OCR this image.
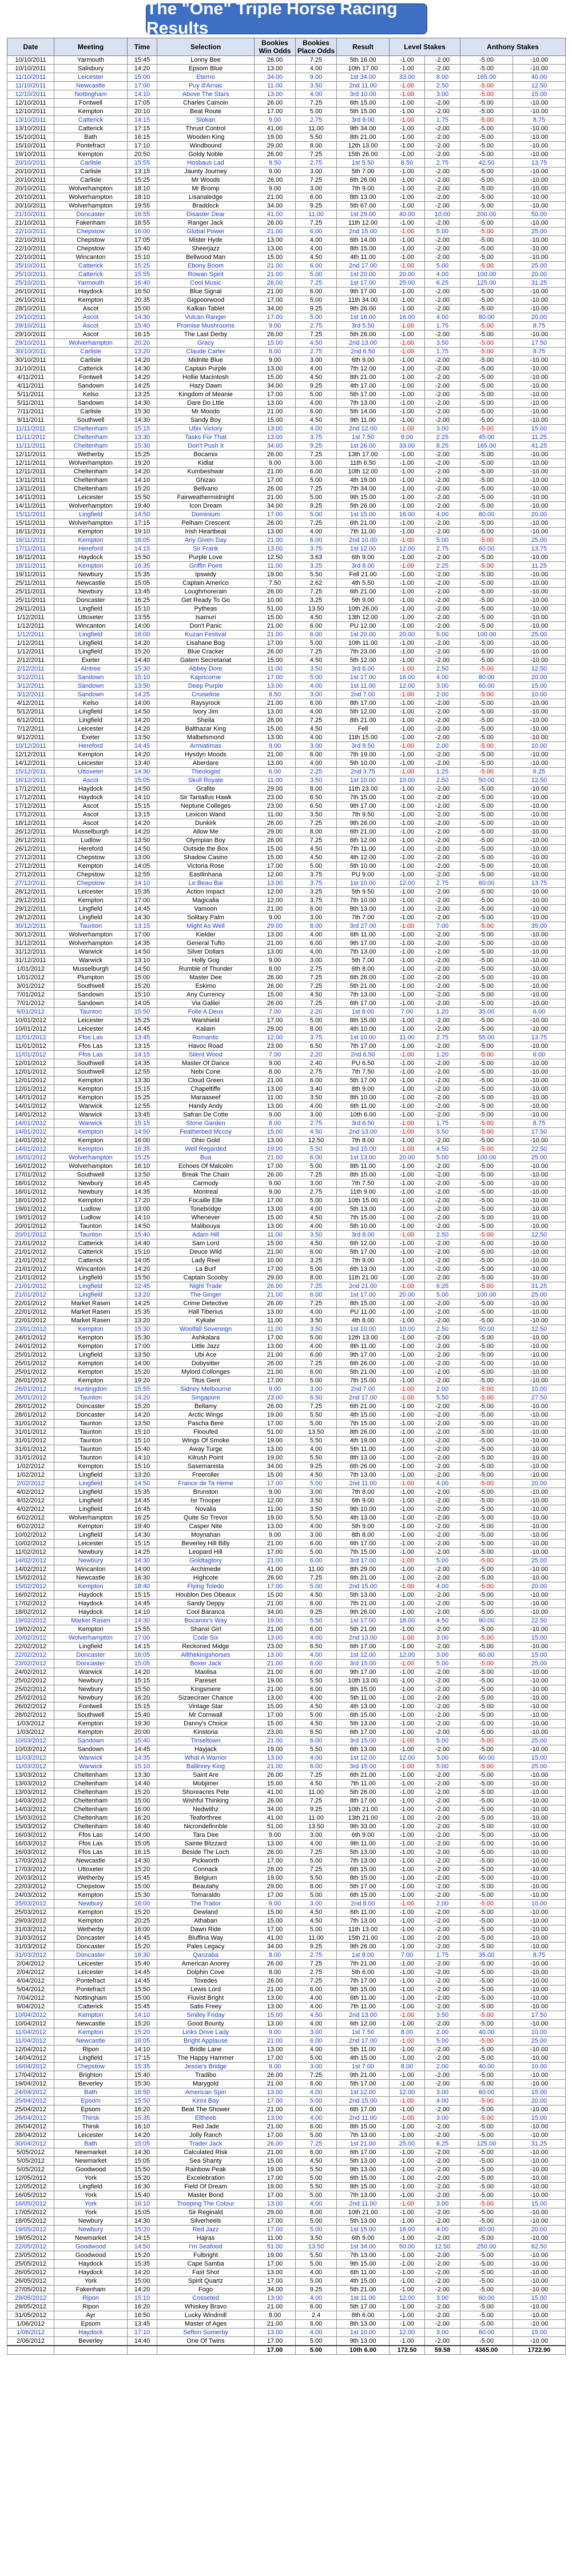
The "One" Triple Horse Racing Results
Date	Meeting	Time	Selection	Bookies Win Odds	Bookies Place Odds	Result	Level Stakes		Anthony Stakes	
10/10/2011	Yarmouth	15:45	Lonny Bee	26.00	7.25	5th 16.00	-1.00	-2.00	-5.00	-10.00
10/10/2011	Salisbury	14:20	Epsom Blue	13.00	4.00	10th 17.00	-1.00	-2.00	-5.00	-10.00
11/10/2011	Leicester	15:00	Eterno	34.00	9.00	1st 34.00	33.00	8.00	165.00	40.00
11/10/2011	Newcastle	17:00	Puy d'Arnac	11.00	3.50	2nd 11.00	-1.00	2.50	-5.00	12.50
12/10/2011	Nottingham	14:10	Above The Stars	13.00	4.00	3rd 10.00	-1.00	3.00	-5.00	15.00
12/10/2011	Fontwell	17:05	Charles Camoin	26.00	7.25	6th 15.00	-1.00	-2.00	-5.00	-10.00
12/10/2011	Kempton	20:10	Beat Route	17.00	5.00	5th 15.00	-1.00	-2.00	-5.00	-10.00
13/10/2011	Catterick	14:15	Slokan	9.00	2.75	3rd 9.00	-1.00	1.75	-5.00	8.75
13/10/2011	Catterick	17:15	Thrust Control	41.00	11.00	9th 34.00	-1.00	-2.00	-5.00	-10.00
15/10/2011	Bath	16:15	Wooden King	19.00	5.50	8th 21.00	-1.00	-2.00	-5.00	-10.00
15/10/2011	Pontefract	17:10	Windbound	29.00	8.00	12th 13.00	-1.00	-2.00	-5.00	-10.00
19/10/2011	Kempton	20:50	Goldy Noble	26.00	7.25	15th 26.00	-1.00	-2.00	-5.00	-10.00
20/10/2011	Carlisle	15:55	Hosbaus Lad	9.50	2.75	1st 5.50	8.50	2.75	42.50	13.75
20/10/2011	Carlisle	13:15	Jaunty Journey	9.00	3.00	5th 7.00	-1.00	-2.00	-5.00	-10.00
20/10/2011	Carlisle	15:25	Mr Woods	26.00	7.25	6th 26.00	-1.00	-2.00	-5.00	-10.00
20/10/2011	Wolverhampton	18:10	Mr Bromp	9.00	3.00	7th 9.00	-1.00	-2.00	-5.00	-10.00
20/10/2011	Wolverhampton	18:10	Lisanaledge	21.00	6.00	8th 13.00	-1.00	-2.00	-5.00	-10.00
20/10/2011	Wolverhampton	19:55	Braddock	34.00	9.25	5th 67.00	-1.00	-2.00	-5.00	-10.00
21/10/2011	Doncaster	16:55	Disaster Dear	41.00	11.00	1st 29.00	40.00	10.00	200.00	50.00
21/10/2011	Fakenham	16:55	Ranger Jack	26.00	7.25	11th 12.00	-1.00	-2.00	-5.00	-10.00
22/10/2011	Chepstow	16:00	Global Power	21.00	6.00	2nd 15.00	-1.00	5.00	-5.00	25.00
22/10/2011	Chepstow	17:05	Mister Hyde	13.00	4.00	6th 14.00	-1.00	-2.00	-5.00	-10.00
22/10/2011	Chepstow	15:40	Sheerjazz	13.00	4.00	8th 15.00	-1.00	-2.00	-5.00	-10.00
22/10/2011	Wincanton	15:10	Bellwood Man	15.00	4.50	4th 11.00	-1.00	-2.00	-5.00	-10.00
25/10/2011	Catterick	15:25	Ebony Boom	21.00	6.00	2nd 17.00	-1.00	5.00	-5.00	25.00
25/10/2011	Catterick	15:55	Rowan Spirit	21.00	5.00	1st 20.00	20.00	4.00	100.00	20.00
25/10/2011	Yarmouth	16:40	Cool Music	26.00	7.25	1st 17.00	25.00	6.25	125.00	31.25
26/10/2011	Haydock	16:50	Blue Signal	21.00	6.00	9th 17.00	-1.00	-2.00	-5.00	-10.00
26/10/2011	Kempton	20:35	Gigpoorwood	17.00	5.00	11th 34.00	-1.00	-2.00	-5.00	-10.00
28/10/2011	Ascot	15:00	Kalkan Tablet	34.00	9.25	9th 26.00	-1.00	-2.00	-5.00	-10.00
29/10/2011	Ascot	14:30	Vulcan Ranger	17.00	5.00	1st 16.00	16.00	4.00	80.00	20.00
29/10/2011	Ascot	15:40	Promise Mushrooms	9.00	2.75	3rd 5.50	-1.00	1.75	-5.00	8.75
29/10/2011	Ascot	16:15	The Last Derby	26.00	7.25	5th 26.00	-1.00	-2.00	-5.00	-10.00
29/10/2011	Wolverhampton	20:20	Gracy	15.00	4.50	2nd 13.00	-1.00	3.50	-5.00	17.50
30/10/2011	Carlisle	13:20	Claude Carter	8.00	2.75	2nd 6.50	-1.00	1.75	-5.00	8.75
30/10/2011	Carlisle	14:20	Midnite Blue	9.00	3.00	6th 9.00	-1.00	-2.00	-5.00	-10.00
31/10/2011	Catterick	14:30	Captain Purple	13.00	4.00	7th 12.00	-1.00	-2.00	-5.00	-10.00
4/11/2011	Fontwell	14:20	Hollie Macintosh	15.00	4.50	8th 21.00	-1.00	-2.00	-5.00	-10.00
4/11/2011	Sandown	14:25	Hazy Dawn	34.00	9.25	4th 17.00	-1.00	-2.00	-5.00	-10.00
5/11/2011	Kelso	13:25	Kingdom of Meanie	17.00	5.00	5th 17.00	-1.00	-2.00	-5.00	-10.00
5/11/2011	Sandown	14:30	Dare Do Lttle	13.00	4.00	7th 13.00	-1.00	-2.00	-5.00	-10.00
7/11/2011	Carlisle	15:30	Mr Moodo	21.00	6.00	5th 14.00	-1.00	-2.00	-5.00	-10.00
9/11/2011	Southwell	14:30	Sandy Boy	15.00	4.50	9th 11.00	-1.00	-2.00	-5.00	-10.00
11/11/2011	Cheltenham	15:15	Ubix Victory	13.00	4.00	2nd 12.00	-1.00	3.00	-5.00	15.00
11/11/2011	Cheltenham	13:30	Tasks For That	13.00	3.75	1st 7.50	9.00	2.25	45.00	11.25
11/11/2011	Cheltenham	15:30	Don't Push It	34.00	9.25	1st 26.00	33.00	8.25	165.00	41.25
12/11/2011	Wetherby	15:25	Bocamix	26.00	7.25	13th 17.00	-1.00	-2.00	-5.00	-10.00
12/11/2011	Wolverhampton	19:20	Kidlat	9.00	3.00	11th 6.50	-1.00	-2.00	-5.00	-10.00
12/11/2011	Cheltenham	14:20	Kumbeshwar	21.00	6.00	10th 12.00	-1.00	-2.00	-5.00	-10.00
13/11/2011	Cheltenham	14:10	Ghizao	17.00	5.00	4th 19.00	-1.00	-2.00	-5.00	-10.00
13/11/2011	Cheltenham	15:20	Bellvano	26.00	7.25	7th 34.00	-1.00	-2.00	-5.00	-10.00
14/11/2011	Leicester	15:50	Fairweathermidnight	21.00	5.00	9th 15.00	-1.00	-2.00	-5.00	-10.00
14/11/2011	Wolverhampton	19:40	Icon Dream	34.00	9.25	5th 26.00	-1.00	-2.00	-5.00	-10.00
15/11/2011	Lingfield	14:50	Dominium	17.00	5.00	1st 15.00	16.00	4.00	80.00	20.00
15/11/2011	Wolverhampton	17:15	Pelham Crescent	26.00	7.25	6th 21.00	-1.00	-2.00	-5.00	-10.00
16/11/2011	Kempton	19:10	Irish Heartbeat	13.00	4.00	7th 11.00	-1.00	-2.00	-5.00	-10.00
16/11/2011	Kempton	16:05	Any Given Day	21.00	6.00	2nd 10.00	-1.00	5.00	-5.00	25.00
17/11/2011	Hereford	14:15	Sir Frank	13.00	3.75	1st 12.00	12.00	2.75	60.00	13.75
18/11/2011	Haydock	15:50	Purple Love	12.50	3.63	6th 9.00	-1.00	-2.00	-5.00	-10.00
18/11/2011	Kempton	16:35	Griffin Point	11.00	3.25	3rd 8.00	-1.00	2.25	-5.00	11.25
19/11/2011	Newbury	15:35	Ipswidy	19.00	5.50	Fell 21.00	-1.00	-2.00	-5.00	-10.00
25/11/2011	Newcastle	15:05	Captain Americo	7.50	2.62	4th 5.50	-1.00	-2.00	-5.00	-10.00
25/11/2011	Newbury	13:45	Loughmorerain	26.00	7.25	6th 21.00	-1.00	-2.00	-5.00	-10.00
25/11/2011	Doncaster	16:25	Get Ready To Go	10.00	3.25	5th 9.00	-1.00	-2.00	-5.00	-10.00
29/11/2011	Lingfield	15:10	Pytheas	51.00	13.50	10th 26.00	-1.00	-2.00	-5.00	-10.00
1/12/2011	Uttoxeter	13:55	Isamuri	15.00	4.50	13th 12.00	-1.00	-2.00	-5.00	-10.00
1/12/2011	Wincanton	14:00	Don't Panic	21.00	6.00	PU 12.00	-1.00	-2.00	-5.00	-10.00
1/12/2011	Lingfield	16:00	Kuzan Festival	21.00	6.00	1st 20.00	20.00	5.00	100.00	25.00
1/12/2011	Lingfield	14:20	Lisahane Bog	17.00	5.00	10th 11.00	-1.00	-2.00	-5.00	-10.00
1/12/2011	Lingfield	15:20	Blue Cracker	26.00	7.25	7th 23.00	-1.00	-2.00	-5.00	-10.00
2/12/2011	Exeter	14:40	Gatem Secretariat	15.00	4.50	5th 12.00	-1.00	-2.00	-5.00	-10.00
2/12/2011	Aintree	15:30	Abbey Dore	11.00	3.50	3rd 6.00	-1.00	2.50	-5.00	12.50
3/12/2011	Sandown	15:10	Kapricorne	17.00	5.00	1st 17.00	16.00	4.00	80.00	20.00
3/12/2011	Sandown	13:50	Deep Purple	13.00	4.00	1st 11.00	12.00	3.00	60.00	15.00
3/12/2011	Sandown	14:25	Cruiseline	9.50	3.00	2nd 7.00	-1.00	2.00	-5.00	10.00
4/12/2011	Kelso	14:00	Raysyrock	21.00	6.00	8th 17.00	-1.00	-2.00	-5.00	-10.00
5/12/2011	Lingfield	14:50	Ivory Jim	13.00	4.00	5th 12.00	-1.00	-2.00	-5.00	-10.00
6/12/2011	Lingfield	14:20	Sheila	26.00	7.25	8th 21.00	-1.00	-2.00	-5.00	-10.00
7/12/2011	Leicester	14:20	Balthazar King	15.00	4.50	Fell	-1.00	-2.00	-5.00	-10.00
9/12/2011	Exeter	13:50	Malbelsmond	13.00	4.00	11th 15.00	-1.00	-2.00	-5.00	-10.00
10/12/2011	Hereford	14:45	Armiatimas	9.00	3.00	3rd 9.50	-1.00	2.00	-5.00	10.00
12/12/2011	Kempton	14:20	Hysdyn Moods	21.00	6.00	7th 19.00	-1.00	-2.00	-5.00	-10.00
14/12/2011	Leicester	13:40	Aberdare	13.00	4.00	5th 10.00	-1.00	-2.00	-5.00	-10.00
15/12/2011	Uttoxeter	14:30	Theologist	6.00	2.25	2nd 3.75	-1.00	1.25	-5.00	6.25
16/12/2011	Ascot	15:05	Skull Royale	11.00	3.50	1st 10.00	10.00	2.50	50.00	12.50
17/12/2011	Haydock	14:50	Grafite	29.00	8.00	11th 23.00	-1.00	-2.00	-5.00	-10.00
17/12/2011	Haydock	14:10	Sir Tantallus Hawk	23.00	6.50	7th 15.00	-1.00	-2.00	-5.00	-10.00
17/12/2011	Ascot	15:15	Neptune Colleges	23.00	6.50	9th 17.00	-1.00	-2.00	-5.00	-10.00
17/12/2011	Ascot	13:15	Lexicon Wand	11.00	3.50	7th 9.50	-1.00	-2.00	-5.00	-10.00
18/12/2011	Ascot	14:20	Dunkirk	26.00	7.25	9th 26.00	-1.00	-2.00	-5.00	-10.00
26/12/2011	Musselburgh	14:20	Allow Me	29.00	8.00	6th 21.00	-1.00	-2.00	-5.00	-10.00
26/12/2011	Ludlow	13:50	Olympian Boy	26.00	7.25	6th 12.00	-1.00	-2.00	-5.00	-10.00
26/12/2011	Hereford	14:50	Outside the Box	15.00	4.50	7th 11.00	-1.00	-2.00	-5.00	-10.00
27/12/2011	Chepstow	13:00	Shadow Casino	15.00	4.50	4th 12.00	-1.00	-2.00	-5.00	-10.00
27/12/2011	Kempton	14:05	Victoria Rose	17.00	5.00	5th 10.00	-1.00	-2.00	-5.00	-10.00
27/12/2011	Chepstow	12:55	Eastlinhana	12.00	3.75	PU 9.00	-1.00	-2.00	-5.00	-10.00
27/12/2011	Chepstow	14:10	Le Beau Bai	13.00	3.75	1st 10.00	12.00	2.75	60.00	13.75
28/12/2011	Leicester	15:35	Action Impact	12.00	3.25	5th 9.50	-1.00	-2.00	-5.00	-10.00
29/12/2011	Kempton	17:00	Magicalia	12.00	3.75	7th 10.00	-1.00	-2.00	-5.00	-10.00
29/12/2011	Lingfield	14:45	Vamoon	21.00	6.00	8th 13.00	-1.00	-2.00	-5.00	-10.00
29/12/2011	Lingfield	14:30	Solitary Palm	9.00	3.00	7th 7.00	-1.00	-2.00	-5.00	-10.00
30/12/2011	Taunton	13:15	Might As Well	29.00	8.00	3rd 27.00	-1.00	7.00	-5.00	35.00
30/12/2011	Wolverhampton	17:00	Kielder	13.00	4.00	6th 11.00	-1.00	-2.00	-5.00	-10.00
31/12/2011	Wolverhampton	14:35	General Tufto	21.00	6.00	9th 17.00	-1.00	-2.00	-5.00	-10.00
31/12/2011	Warwick	14:50	Silver Dollars	13.00	4.00	7th 13.00	-1.00	-2.00	-5.00	-10.00
31/12/2011	Warwick	13:10	Holly Gog	9.00	3.00	5th 7.00	-1.00	-2.00	-5.00	-10.00
1/01/2012	Musselburgh	14:50	Rumble of Thunder	8.00	2.75	6th 8.00	-1.00	-2.00	-5.00	-10.00
1/01/2012	Plumpton	15:00	Master Dee	26.00	7.25	6th 26.00	-1.00	-2.00	-5.00	-10.00
3/01/2012	Southwell	15:20	Eskimo	26.00	7.25	5th 21.00	-1.00	-2.00	-5.00	-10.00
7/01/2012	Sandown	15:10	Any Currency	15.00	4.50	7th 13.00	-1.00	-2.00	-5.00	-10.00
7/01/2012	Sandown	14:05	Via Galilei	26.00	7.25	6th 17.00	-1.00	-2.00	-5.00	-10.00
9/01/2012	Taunton	15:50	Folie A Deux	7.00	2.20	1st 8.00	7.00	1.20	35.00	6.00
10/01/2012	Leicester	15:25	Warshield	17.00	5.00	8th 15.00	-1.00	-2.00	-5.00	-10.00
10/01/2012	Leicester	14:45	Kaliam	29.00	8.00	4th 10.00	-1.00	-2.00	-5.00	-10.00
11/01/2012	Ffos Las	13:45	Romantic	12.00	3.75	1st 10.00	11.00	2.75	55.00	13.75
11/01/2012	Ffos Las	13:15	Havoc Road	23.00	6.50	7th 17.00	-1.00	-2.00	-5.00	-10.00
11/01/2012	Ffos Las	14:15	Silent Wood	7.00	2.20	2nd 6.50	-1.00	1.20	-5.00	6.00
12/01/2012	Southwell	14:35	Master Of Dance	9.00	2.40	PU 6.50	-1.00	-2.00	-5.00	-10.00
12/01/2012	Southwell	12:55	Nebi Cone	8.00	2.75	7th 7.50	-1.00	-2.00	-5.00	-10.00
12/01/2012	Kempton	13:30	Cloud Green	21.00	6.00	5th 17.00	-1.00	-2.00	-5.00	-10.00
12/01/2012	Kempton	15:15	Chapeltiffe	13.00	3.40	8th 9.00	-1.00	-2.00	-5.00	-10.00
14/01/2012	Kempton	15:25	Maraaseef	11.00	3.50	8th 10.00	-1.00	-2.00	-5.00	-10.00
14/01/2012	Warwick	12:55	Handy Andy	13.00	4.00	6th 11.00	-1.00	-2.00	-5.00	-10.00
14/01/2012	Warwick	13:45	Safran De Cotte	9.00	3.00	10th 6.00	-1.00	-2.00	-5.00	-10.00
14/01/2012	Warwick	15:15	Stone Garden	8.00	2.75	3rd 6.50	-1.00	1.75	-5.00	8.75
14/01/2012	Kempton	14:50	Featherbed Mccoy	15.00	4.50	2nd 13.00	-1.00	3.50	-5.00	17.50
14/01/2012	Kempton	16:00	Ohio Gold	13.00	12.50	7th 8.00	-1.00	-2.00	-5.00	-10.00
14/01/2012	Kempton	16:35	Well Regarded	19.00	5.50	3rd 15.00	-1.00	4.50	-5.00	22.50
16/01/2012	Wolverhampton	15:25	Bua	21.00	6.00	1st 13.00	20.00	5.00	100.00	25.00
16/01/2012	Wolverhampton	16:10	Echoes Of Malcolm	17.00	5.00	8th 11.00	-1.00	-2.00	-5.00	-10.00
17/01/2012	Southwell	13:50	Break The Chain	26.00	7.25	8th 15.00	-1.00	-2.00	-5.00	-10.00
18/01/2012	Newbury	16:45	Carmody	9.00	3.00	7th 7.50	-1.00	-2.00	-5.00	-10.00
18/01/2012	Newbury	14:35	Montreal	9.00	2.75	11th 9.00	-1.00	-2.00	-5.00	-10.00
18/01/2012	Kempton	17:20	Focaille Elle	17.00	5.00	10th 15.00	-1.00	-2.00	-5.00	-10.00
19/01/2012	Ludlow	13:00	Tonebridge	13.00	4.00	5th 13.00	-1.00	-2.00	-5.00	-10.00
19/01/2012	Ludlow	14:10	Whenever	15.00	4.50	7th 15.00	-1.00	-2.00	-5.00	-10.00
20/01/2012	Taunton	14:50	Malibouya	13.00	4.00	5th 10.00	-1.00	-2.00	-5.00	-10.00
20/01/2012	Taunton	15:40	Adam Hill	11.00	3.50	3rd 8.00	-1.00	2.50	-5.00	12.50
21/01/2012	Catterick	14:40	Sam Lord	15.00	4.50	6th 12.00	-1.00	-2.00	-5.00	-10.00
21/01/2012	Catterick	15:10	Deuce Wild	21.00	6.00	5th 17.00	-1.00	-2.00	-5.00	-10.00
21/01/2012	Catterick	14:05	Lady Reel	10.00	3.25	7th 9.00	-1.00	-2.00	-5.00	-10.00
21/01/2012	Wincanton	14:20	La Burf	17.00	5.00	6th 13.00	-1.00	-2.00	-5.00	-10.00
21/01/2012	Lingfield	15:50	Captain Scooby	29.00	8.00	11th 21.00	-1.00	-2.00	-5.00	-10.00
21/01/2012	Lingfield	12:45	Night Trade	26.00	7.25	2nd 21.00	-1.00	6.25	-5.00	31.25
21/01/2012	Lingfield	13:20	The Ginger	21.00	6.00	1st 17.00	20.00	5.00	100.00	25.00
22/01/2012	Market Rasen	14:25	Crime Detective	26.00	7.25	8th 15.00	-1.00	-2.00	-5.00	-10.00
22/01/2012	Market Rasen	15:35	Hall Tiberius	13.00	4.00	PU 11.00	-1.00	-2.00	-5.00	-10.00
22/01/2012	Market Rasen	13:20	Kykate	11.00	3.50	4th 8.00	-1.00	-2.00	-5.00	-10.00
23/01/2012	Kempton	15:30	Woolfall Sovereign	11.00	3.50	1st 10.00	10.00	2.50	50.00	12.50
24/01/2012	Kempton	15:30	Ashkalara	17.00	5.00	12th 13.00	-1.00	-2.00	-5.00	-10.00
24/01/2012	Kempton	17:00	Little Jazz	13.00	4.00	8th 11.00	-1.00	-2.00	-5.00	-10.00
25/01/2012	Lingfield	13:50	Ubi Ace	21.00	6.00	9th 17.00	-1.00	-2.00	-5.00	-10.00
25/01/2012	Kempton	14:00	Dobysitter	26.00	7.25	6th 26.00	-1.00	-2.00	-5.00	-10.00
25/01/2012	Kempton	15:20	Mylord Collonges	21.00	6.00	5th 21.00	-1.00	-2.00	-5.00	-10.00
26/01/2012	Kempton	19:20	Titus Gent	17.00	5.00	7th 15.00	-1.00	-2.00	-5.00	-10.00
26/01/2012	Huntingdon	15:55	Sidney Melbourne	9.00	3.00	2nd 7.00	-1.00	2.00	-5.00	10.00
26/01/2012	Taunton	14:20	Singapore	23.00	6.50	2nd 17.00	-1.00	5.50	-5.00	27.50
28/01/2012	Doncaster	15:20	Bellamy	26.00	7.25	6th 21.00	-1.00	-2.00	-5.00	-10.00
28/01/2012	Doncaster	14:20	Arctic Wings	19.00	5.50	4th 15.00	-1.00	-2.00	-5.00	-10.00
31/01/2012	Taunton	13:50	Pascha Bere	17.00	5.00	7th 15.00	-1.00	-2.00	-5.00	-10.00
31/01/2012	Taunton	15:10	Flooufed	51.00	13.50	8th 26.00	-1.00	-2.00	-5.00	-10.00
31/01/2012	Taunton	15:10	Wings Of Smoke	19.00	5.50	4th 19.00	-1.00	-2.00	-5.00	-10.00
31/01/2012	Taunton	15:40	Away Turge	13.00	4.00	5th 11.00	-1.00	-2.00	-5.00	-10.00
31/01/2012	Taunton	14:10	Kilrush Point	19.00	5.50	8th 13.00	-1.00	-2.00	-5.00	-10.00
1/02/2012	Kempton	15:10	Sasemanista	34.00	9.25	6th 26.00	-1.00	-2.00	-5.00	-10.00
1/02/2012	Lingfield	13:20	Freeroller	15.00	4.50	7th 13.00	-1.00	-2.00	-5.00	-10.00
2/02/2012	Lingfield	14:50	France de Ta Heme	17.00	5.00	2nd 11.00	-1.00	4.00	-5.00	20.00
4/02/2012	Lingfield	15:35	Brunston	9.00	3.00	7th 8.00	-1.00	-2.00	-5.00	-10.00
4/02/2012	Lingfield	14:45	Isr Trooper	12.00	3.50	6th 9.00	-1.00	-2.00	-5.00	-10.00
4/02/2012	Lingfield	16:45	Novalia	11.00	3.50	9th 10.00	-1.00	-2.00	-5.00	-10.00
6/02/2012	Wolverhampton	16:25	Quite So Trevor	19.00	5.50	4th 13.00	-1.00	-2.00	-5.00	-10.00
6/02/2012	Kempton	19:40	Casper Nite	13.00	4.00	5th 9.00	-1.00	-2.00	-5.00	-10.00
10/02/2012	Lingfield	14:30	Moynahan	9.00	3.00	8th 8.00	-1.00	-2.00	-5.00	-10.00
10/02/2012	Leicester	15:15	Beverley Hill Billy	21.00	6.00	6th 17.00	-1.00	-2.00	-5.00	-10.00
11/02/2012	Newbury	14:25	Leopard Hill	17.00	5.00	7th 15.00	-1.00	-2.00	-5.00	-10.00
14/02/2012	Newbury	14:30	Goldtagtory	21.00	6.00	3rd 17.00	-1.00	5.00	-5.00	25.00
14/02/2012	Wincanton	14:00	Archimede	41.00	11.00	8th 29.00	-1.00	-2.00	-5.00	-10.00
15/02/2012	Newcastle	16:30	Highcote	26.00	7.25	6th 21.00	-1.00	-2.00	-5.00	-10.00
15/02/2012	Kempton	18:40	Flying Toledo	17.00	5.00	2nd 15.00	-1.00	4.00	-5.00	20.00
16/02/2012	Haydock	15:15	Houblon Des Obeaux	15.00	4.50	5th 13.00	-1.00	-2.00	-5.00	-10.00
17/02/2012	Haydock	14:45	Sandy Deppy	21.00	6.00	7th 21.00	-1.00	-2.00	-5.00	-10.00
18/02/2012	Haydock	14:10	Cool Baranca	34.00	9.25	9th 26.00	-1.00	-2.00	-5.00	-10.00
19/02/2012	Market Rasen	14:30	Bocamix's Way	19.00	5.50	1st 17.00	18.00	4.50	90.00	22.50
19/02/2012	Kempton	15:55	Shanxi Girl	21.00	6.00	5th 21.00	-1.00	-2.00	-5.00	-10.00
20/02/2012	Wolverhampton	17:00	Code Six	13.00	4.00	2nd 13.00	-1.00	3.00	-5.00	15.00
22/02/2012	Lingfield	14:15	Reckoned Midge	23.00	6.50	6th 17.00	-1.00	-2.00	-5.00	-10.00
22/02/2012	Doncaster	16:05	Allthekingshorses	13.00	4.00	1st 12.00	12.00	3.00	60.00	15.00
23/02/2012	Doncaster	15:05	Boxer Jack	21.00	6.00	3rd 15.00	-1.00	5.00	-5.00	25.00
24/02/2012	Warwick	14:20	Maolisa	21.00	6.00	9th 17.00	-1.00	-2.00	-5.00	-10.00
25/02/2012	Newbury	15:15	Pareset	19.00	5.50	10th 13.00	-1.00	-2.00	-5.00	-10.00
25/02/2012	Newbury	15:50	Kingsmere	21.00	6.00	8th 15.00	-1.00	-2.00	-5.00	-10.00
25/02/2012	Newbury	16:20	Sizaeciraer Chance	13.00	4.00	5th 11.00	-1.00	-2.00	-5.00	-10.00
26/02/2012	Fontwell	15:15	Vintage Star	15.00	4.50	4th 13.00	-1.00	-2.00	-5.00	-10.00
28/02/2012	Southwell	15:40	Mr Cornwall	17.00	5.00	6th 15.00	-1.00	-2.00	-5.00	-10.00
1/03/2012	Kempton	19:30	Danny's Choice	15.00	4.50	5th 13.00	-1.00	-2.00	-5.00	-10.00
1/03/2012	Kempton	20:00	Kinstoria	23.00	6.50	6th 17.00	-1.00	-2.00	-5.00	-10.00
10/03/2012	Sandown	15:40	Tinseltown	21.00	6.00	3rd 15.00	-1.00	5.00	-5.00	25.00
10/03/2012	Sandown	14:45	Hayjack	19.00	5.50	6th 13.00	-1.00	-2.00	-5.00	-10.00
11/03/2012	Warwick	14:35	What A Warrior	13.00	4.00	1st 12.00	12.00	3.00	60.00	15.00
11/03/2012	Warwick	15:10	Ballinrey King	21.00	6.00	3rd 15.00	-1.00	5.00	-5.00	25.00
13/03/2012	Cheltenham	13:30	Saint Are	26.00	7.25	6th 21.00	-1.00	-2.00	-5.00	-10.00
13/03/2012	Cheltenham	14:40	Mobjimer	15.00	4.50	7th 11.00	-1.00	-2.00	-5.00	-10.00
13/03/2012	Cheltenham	15:20	Shoreacres Pete	41.00	11.00	5th 26.00	-1.00	-2.00	-5.00	-10.00
14/03/2012	Cheltenham	15:00	Wishful Thinking	26.00	7.25	8th 17.00	-1.00	-2.00	-5.00	-10.00
14/03/2012	Cheltenham	16:00	Nedwithz	34.00	9.25	10th 21.00	-1.00	-2.00	-5.00	-10.00
15/03/2012	Cheltenham	16:20	Teaforthree	41.00	11.00	13th 21.00	-1.00	-2.00	-5.00	-10.00
15/03/2012	Cheltenham	16:40	Nicrondefinnble	51.00	13.50	9th 33.00	-1.00	-2.00	-5.00	-10.00
16/03/2012	Ffos Las	14:00	Tara Dee	9.00	3.00	6th 9.00	-1.00	-2.00	-5.00	-10.00
16/03/2012	Ffos Las	15:05	Sainte Blizzard	13.00	4.00	9th 11.00	-1.00	-2.00	-5.00	-10.00
16/03/2012	Ffos Las	16:15	Beside The Loch	26.00	7.25	5th 13.00	-1.00	-2.00	-5.00	-10.00
17/03/2012	Newcastle	14:30	Pickworth	17.00	5.00	7th 13.00	-1.00	-2.00	-5.00	-10.00
17/03/2012	Uttoxeter	15:20	Connack	26.00	7.25	6th 15.00	-1.00	-2.00	-5.00	-10.00
20/03/2012	Wetherby	15:45	Belgium	19.00	5.50	8th 15.00	-1.00	-2.00	-5.00	-10.00
22/03/2012	Chepstow	15:00	Beaulahy	29.00	8.00	5th 17.00	-1.00	-2.00	-5.00	-10.00
24/03/2012	Kempton	15:30	Tomaraldo	17.00	5.00	6th 15.00	-1.00	-2.00	-5.00	-10.00
25/03/2012	Newbury	16:00	The Traitor	9.00	3.00	2nd 8.00	-1.00	2.00	-5.00	10.00
25/03/2012	Kempton	15:20	Dewland	15.00	4.50	6th 11.00	-1.00	-2.00	-5.00	-10.00
29/03/2012	Kempton	20:25	Athaban	15.00	4.50	7th 13.00	-1.00	-2.00	-5.00	-10.00
31/03/2012	Wetherby	16:00	Dawn Ride	17.00	5.00	11th 13.00	-1.00	-2.00	-5.00	-10.00
31/03/2012	Doncaster	14:45	Bluffina Way	41.00	11.00	15th 21.00	-1.00	-2.00	-5.00	-10.00
31/03/2012	Doncaster	15:20	Pales Legacy	34.00	9.25	9th 26.00	-1.00	-2.00	-5.00	-10.00
31/03/2012	Doncaster	16:30	Qanzaba	8.00	2.75	1st 8.00	7.00	1.75	35.00	8.75
2/04/2012	Leicester	15:40	American Anorey	26.00	7.25	7th 21.00	-1.00	-2.00	-5.00	-10.00
2/04/2012	Leicester	14:45	Dolphin Cove	8.00	2.75	5th 6.00	-1.00	-2.00	-5.00	-10.00
4/04/2012	Pontefract	14:45	Toxedes	26.00	7.25	7th 17.00	-1.00	-2.00	-5.00	-10.00
5/04/2012	Pontefract	15:50	Lewis Lord	21.00	6.00	9th 15.00	-1.00	-2.00	-5.00	-10.00
7/04/2012	Nottingham	15:00	Fluvist Bright	13.00	4.00	6th 11.00	-1.00	-2.00	-5.00	-10.00
9/04/2012	Catterick	15:45	Satis Freey	13.00	4.00	7th 11.00	-1.00	-2.00	-5.00	-10.00
10/04/2012	Kempton	14:10	Smiley Friday	15.00	4.50	2nd 13.00	-1.00	3.50	-5.00	17.50
10/04/2012	Newcastle	15:20	Good Bounty	13.00	4.00	6th 12.00	-1.00	-2.00	-5.00	-10.00
11/04/2012	Kempton	15:20	Links Drive Lady	9.00	3.00	1st 7.50	8.00	2.00	40.00	10.00
11/04/2012	Newcastle	16:05	Bright Applause	21.00	6.00	2nd 17.00	-1.00	5.00	-5.00	25.00
12/04/2012	Ripon	14:10	Bridle Lane	13.00	4.00	5th 11.00	-1.00	-2.00	-5.00	-10.00
14/04/2012	Lingfield	17:15	The Happy Hammer	17.00	5.00	4th 15.00	-1.00	-2.00	-5.00	-10.00
16/04/2012	Chepstow	15:35	Jessie's Bridge	9.00	3.00	1st 7.00	8.00	2.00	40.00	10.00
17/04/2012	Brighton	15:40	Tradibo	26.00	7.25	9th 21.00	-1.00	-2.00	-5.00	-10.00
19/04/2012	Beverley	15:30	Marygold	21.00	6.00	5th 17.00	-1.00	-2.00	-5.00	-10.00
24/04/2012	Bath	16:50	American Spin	13.00	4.00	1st 12.00	12.00	3.00	60.00	15.00
25/04/2012	Epsom	15:50	Kinni Bay	17.00	5.00	2nd 15.00	-1.00	4.00	-5.00	20.00
25/04/2012	Epsom	16:20	Beat The Shower	21.00	6.00	6th 17.00	-1.00	-2.00	-5.00	-10.00
26/04/2012	Thirsk	15:35	Eltheeb	13.00	4.00	2nd 11.00	-1.00	3.00	-5.00	15.00
26/04/2012	Thirsk	16:10	Red Jade	21.00	6.00	8th 15.00	-1.00	-2.00	-5.00	-10.00
28/04/2012	Leicester	14:20	Jolly Ranch	17.00	5.00	7th 13.00	-1.00	-2.00	-5.00	-10.00
30/04/2012	Bath	15:05	Trader Jack	26.00	7.25	1st 21.00	25.00	6.25	125.00	31.25
5/05/2012	Newmarket	14:30	Calculated Risk	21.00	6.00	6th 17.00	-1.00	-2.00	-5.00	-10.00
5/05/2012	Newmarket	15:05	Sea Shanty	15.00	4.50	5th 13.00	-1.00	-2.00	-5.00	-10.00
5/05/2012	Goodwood	15:50	Rainbow Peak	19.00	5.50	9th 13.00	-1.00	-2.00	-5.00	-10.00
12/05/2012	York	15:20	Excelebration	17.00	5.00	6th 15.00	-1.00	-2.00	-5.00	-10.00
12/05/2012	Lingfield	16:30	Field Of Dream	19.00	5.50	8th 15.00	-1.00	-2.00	-5.00	-10.00
16/05/2012	York	15:40	Master Bond	17.00	5.00	7th 13.00	-1.00	-2.00	-5.00	-10.00
16/05/2012	York	16:10	Trooping The Colour	13.00	4.00	2nd 11.00	-1.00	3.00	-5.00	15.00
17/05/2012	York	15:05	Sir Reginald	29.00	8.00	10th 21.00	-1.00	-2.00	-5.00	-10.00
18/05/2012	Newbury	14:30	Silverheels	17.00	5.00	5th 13.00	-1.00	-2.00	-5.00	-10.00
19/05/2012	Newbury	15:20	Red Jazz	17.00	5.00	1st 15.00	16.00	4.00	80.00	20.00
19/05/2012	Newmarket	14:15	Hajras	11.00	3.50	6th 9.00	-1.00	-2.00	-5.00	-10.00
22/05/2012	Goodwood	14:50	I'm Seafood	51.00	13.50	1st 34.00	50.00	12.50	250.00	62.50
23/05/2012	Goodwood	15:20	Fulbright	19.00	5.50	7th 13.00	-1.00	-2.00	-5.00	-10.00
25/05/2012	Haydock	15:35	Cape Samba	17.00	5.00	9th 15.00	-1.00	-2.00	-5.00	-10.00
26/05/2012	Haydock	14:20	Fast Shot	13.00	4.00	6th 11.00	-1.00	-2.00	-5.00	-10.00
26/05/2012	York	15:00	Spirit Quartz	17.00	5.00	4th 15.00	-1.00	-2.00	-5.00	-10.00
27/05/2012	Fakenham	14:20	Fogo	34.00	9.25	5th 21.00	-1.00	-2.00	-5.00	-10.00
29/05/2012	Ripon	15:10	Cosseted	13.00	4.00	1st 11.00	12.00	3.00	60.00	15.00
29/05/2012	Ripon	16:20	Whiskey Bravo	21.00	6.00	5th 17.00	-1.00	-2.00	-5.00	-10.00
31/05/2012	Ayr	16:50	Lucky Windmill	8.00	2.4	8th 6.00	-1.00	-2.00	-5.00	-10.00
1/06/2012	Epsom	13:45	Master of Ages	21.00	6.00	8th 13.00	-1.00	-2.00	-5.00	-10.00
1/06/2012	Haydock	17:10	Sefton Somerby	13.00	4.00	1st 10.00	12.00	3.00	60.00	15.00
2/06/2012	Beverley	14:40	One Of Twins	17.00	5.00	9th 13.00	-1.00	-2.00	-5.00	-10.00
				17.00	5.00	10th 6.00	172.50	59.58	4365.00	1722.90
